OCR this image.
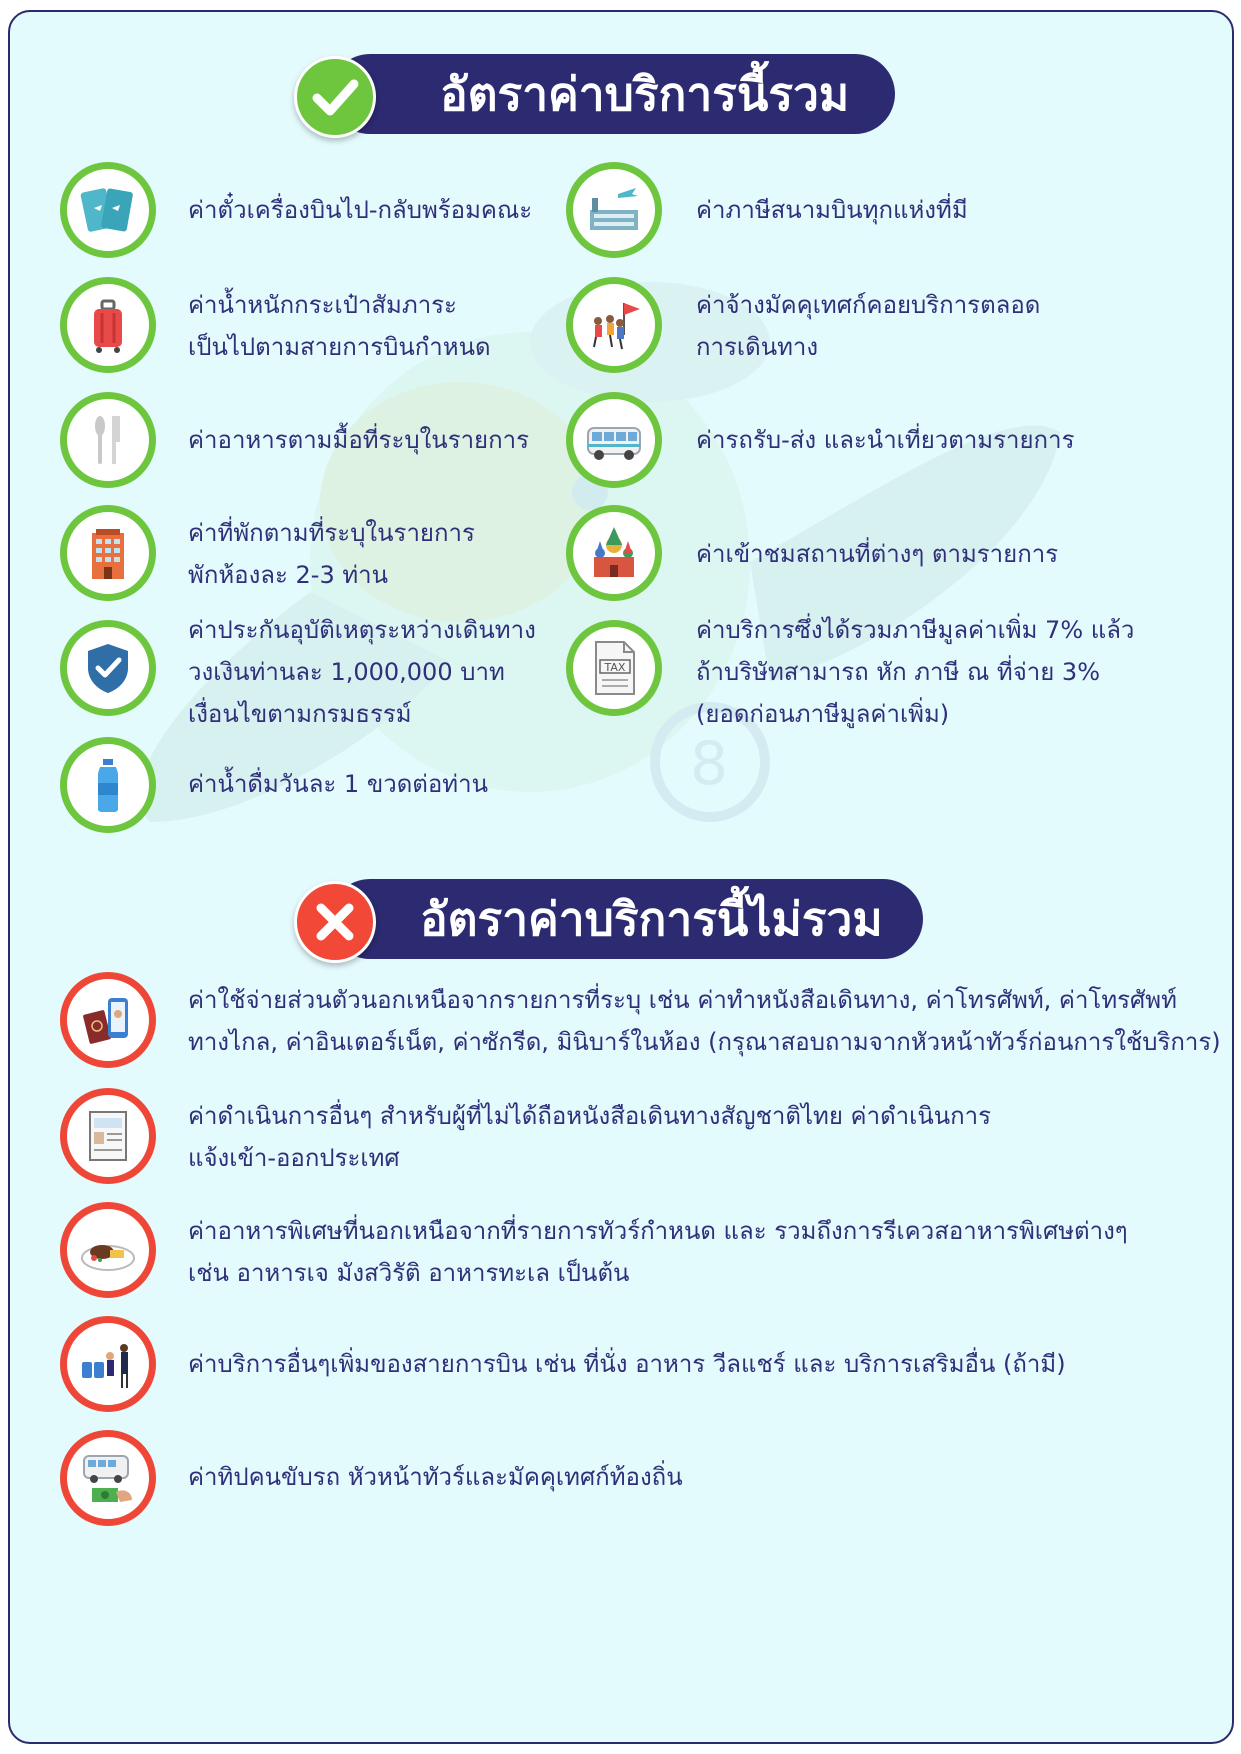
8
อัตราค่าบริการนี้รวม
ค่าตั๋วเครื่องบินไป-กลับพร้อมคณะ	ค่าภาษีสนามบินทุกแห่งที่มี
ค่าน้ำหนักกระเป๋าสัมภาระ
เป็นไปตามสายการบินกำหนด
ค่าจ้างมัคคุเทศก์คอยบริการตลอด
การเดินทาง
ค่าอาหารตามมื้อที่ระบุในรายการ	ค่ารถรับ-ส่ง และนำเที่ยวตามรายการ
ค่าที่พักตามที่ระบุในรายการ
พักห้องละ 2-3 ท่าน
ค่าเข้าชมสถานที่ต่างๆ ตามรายการ
ค่าประกันอุบัติเหตุระหว่างเดินทาง
วงเงินท่านละ 1,000,000 บาท
เงื่อนไขตามกรมธรรม์
TAX
ค่าบริการซึ่งได้รวมภาษีมูลค่าเพิ่ม 7% แล้ว
ถ้าบริษัทสามารถ หัก ภาษี ณ ที่จ่าย 3%
(ยอดก่อนภาษีมูลค่าเพิ่ม)
ค่าน้ำดื่มวันละ 1 ขวดต่อท่าน
อัตราค่าบริการนี้ไม่รวม
ค่าใช้จ่ายส่วนตัวนอกเหนือจากรายการที่ระบุ เช่น ค่าทำหนังสือเดินทาง, ค่าโทรศัพท์, ค่าโทรศัพท์
ทางไกล, ค่าอินเตอร์เน็ต, ค่าซักรีด, มินิบาร์ในห้อง (กรุณาสอบถามจากหัวหน้าทัวร์ก่อนการใช้บริการ)
ค่าดำเนินการอื่นๆ สำหรับผู้ที่ไม่ได้ถือหนังสือเดินทางสัญชาติไทย ค่าดำเนินการ
แจ้งเข้า-ออกประเทศ
ค่าอาหารพิเศษที่นอกเหนือจากที่รายการทัวร์กำหนด และ รวมถึงการรีเควสอาหารพิเศษต่างๆ
เช่น อาหารเจ มังสวิรัติ อาหารทะเล เป็นต้น
ค่าบริการอื่นๆเพิ่มของสายการบิน เช่น ที่นั่ง อาหาร วีลแชร์ และ บริการเสริมอื่น (ถ้ามี)
ค่าทิปคนขับรถ หัวหน้าทัวร์และมัคคุเทศก์ท้องถิ่น
